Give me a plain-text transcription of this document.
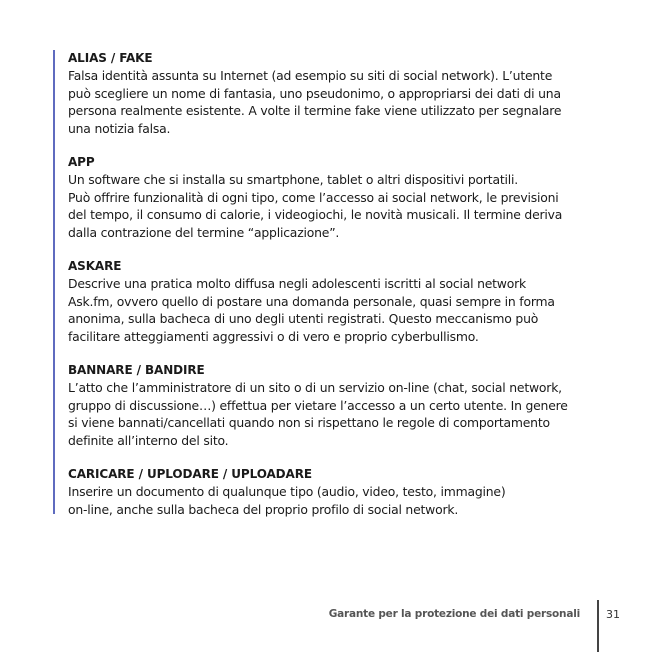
ALIAS / FAKE

Falsa identità assunta su Internet (ad esempio su siti di social network). L’utente
può scegliere un nome di fantasia, uno pseudonimo, o appropriarsi dei dati di una
persona realmente esistente. A volte il termine fake viene utilizzato per segnalare
una notizia falsa.

APP

Un software che si installa su smartphone, tablet o altri dispositivi portatili.
Può offrire funzionalità di ogni tipo, come l’accesso ai social network, le previsioni
del tempo, il consumo di calorie, i videogiochi, le novità musicali. Il termine deriva
dalla contrazione del termine “applicazione”.

ASKARE

Descrive una pratica molto diffusa negli adolescenti iscritti al social network
Ask.fm, ovvero quello di postare una domanda personale, quasi sempre in forma
anonima, sulla bacheca di uno degli utenti registrati. Questo meccanismo può
facilitare atteggiamenti aggressivi o di vero e proprio cyberbullismo.

BANNARE / BANDIRE

L’atto che l’amministratore di un sito o di un servizio on-line (chat, social network,
gruppo di discussione…) effettua per vietare l’accesso a un certo utente. In genere
si viene bannati/cancellati quando non si rispettano le regole di comportamento
definite all’interno del sito.

CARICARE / UPLODARE / UPLOADARE

Inserire un documento di qualunque tipo (audio, video, testo, immagine)
on-line, anche sulla bacheca del proprio profilo di social network.

Garante per la protezione dei dati personali 31
